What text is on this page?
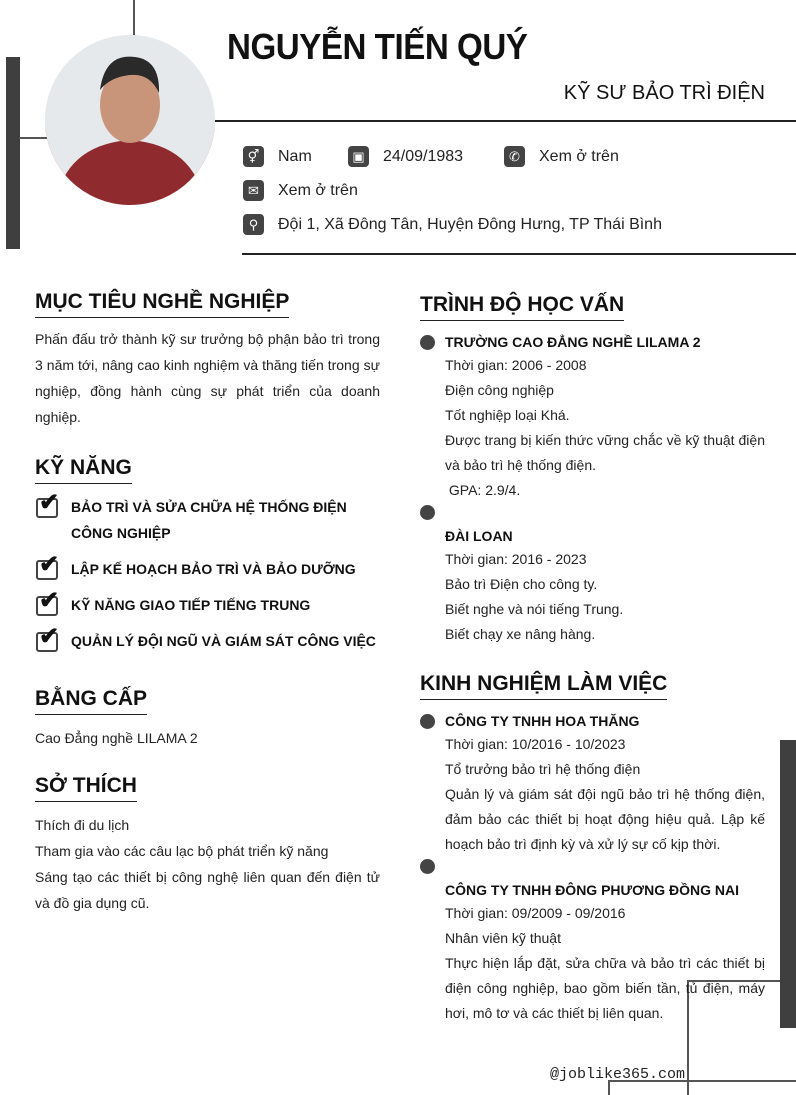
NGUYỄN TIẾN QUÝ
KỸ SƯ BẢO TRÌ ĐIỆN
⚥ Nam	▣ 24/09/1983	✆	Xem ở trên
✉	Xem ở trên
⚲	Đội 1, Xã Đông Tân, Huyện Đông Hưng, TP Thái Bình
MỤC TIÊU NGHỀ NGHIỆP
Phấn đấu trở thành kỹ sư trưởng bộ phận bảo trì trong 3 năm tới, nâng cao kinh nghiệm và thăng tiến trong sự nghiệp, đồng hành cùng sự phát triển của doanh nghiệp.
KỸ NĂNG
✔ BẢO TRÌ VÀ SỬA CHỮA HỆ THỐNG ĐIỆN CÔNG NGHIỆP
✔ LẬP KẾ HOẠCH BẢO TRÌ VÀ BẢO DƯỠNG
✔ KỸ NĂNG GIAO TIẾP TIẾNG TRUNG
✔ QUẢN LÝ ĐỘI NGŨ VÀ GIÁM SÁT CÔNG VIỆC
BẰNG CẤP
Cao Đẳng nghề LILAMA 2
SỞ THÍCH
Thích đi du lịch
Tham gia vào các câu lạc bộ phát triển kỹ năng
Sáng tạo các thiết bị công nghệ liên quan đến điện tử và đồ gia dụng cũ.
TRÌNH ĐỘ HỌC VẤN
TRƯỜNG CAO ĐẲNG NGHỀ LILAMA 2
Thời gian: 2006 - 2008
Điện công nghiệp
Tốt nghiệp loại Khá.
Được trang bị kiến thức vững chắc về kỹ thuật điện và bảo trì hệ thống điện.
GPA: 2.9/4.
ĐÀI LOAN
Thời gian: 2016 - 2023
Bảo trì Điện cho công ty.
Biết nghe và nói tiếng Trung.
Biết chạy xe nâng hàng.
KINH NGHIỆM LÀM VIỆC
CÔNG TY TNHH HOA THĂNG
Thời gian: 10/2016 - 10/2023
Tổ trưởng bảo trì hệ thống điện
Quản lý và giám sát đội ngũ bảo trì hệ thống điện, đảm bảo các thiết bị hoạt động hiệu quả. Lập kế hoạch bảo trì định kỳ và xử lý sự cố kịp thời.
CÔNG TY TNHH ĐÔNG PHƯƠNG ĐỒNG NAI
Thời gian: 09/2009 - 09/2016
Nhân viên kỹ thuật
Thực hiện lắp đặt, sửa chữa và bảo trì các thiết bị điện công nghiệp, bao gồm biến tần, tủ điện, máy hơi, mô tơ và các thiết bị liên quan.
@joblike365.com
